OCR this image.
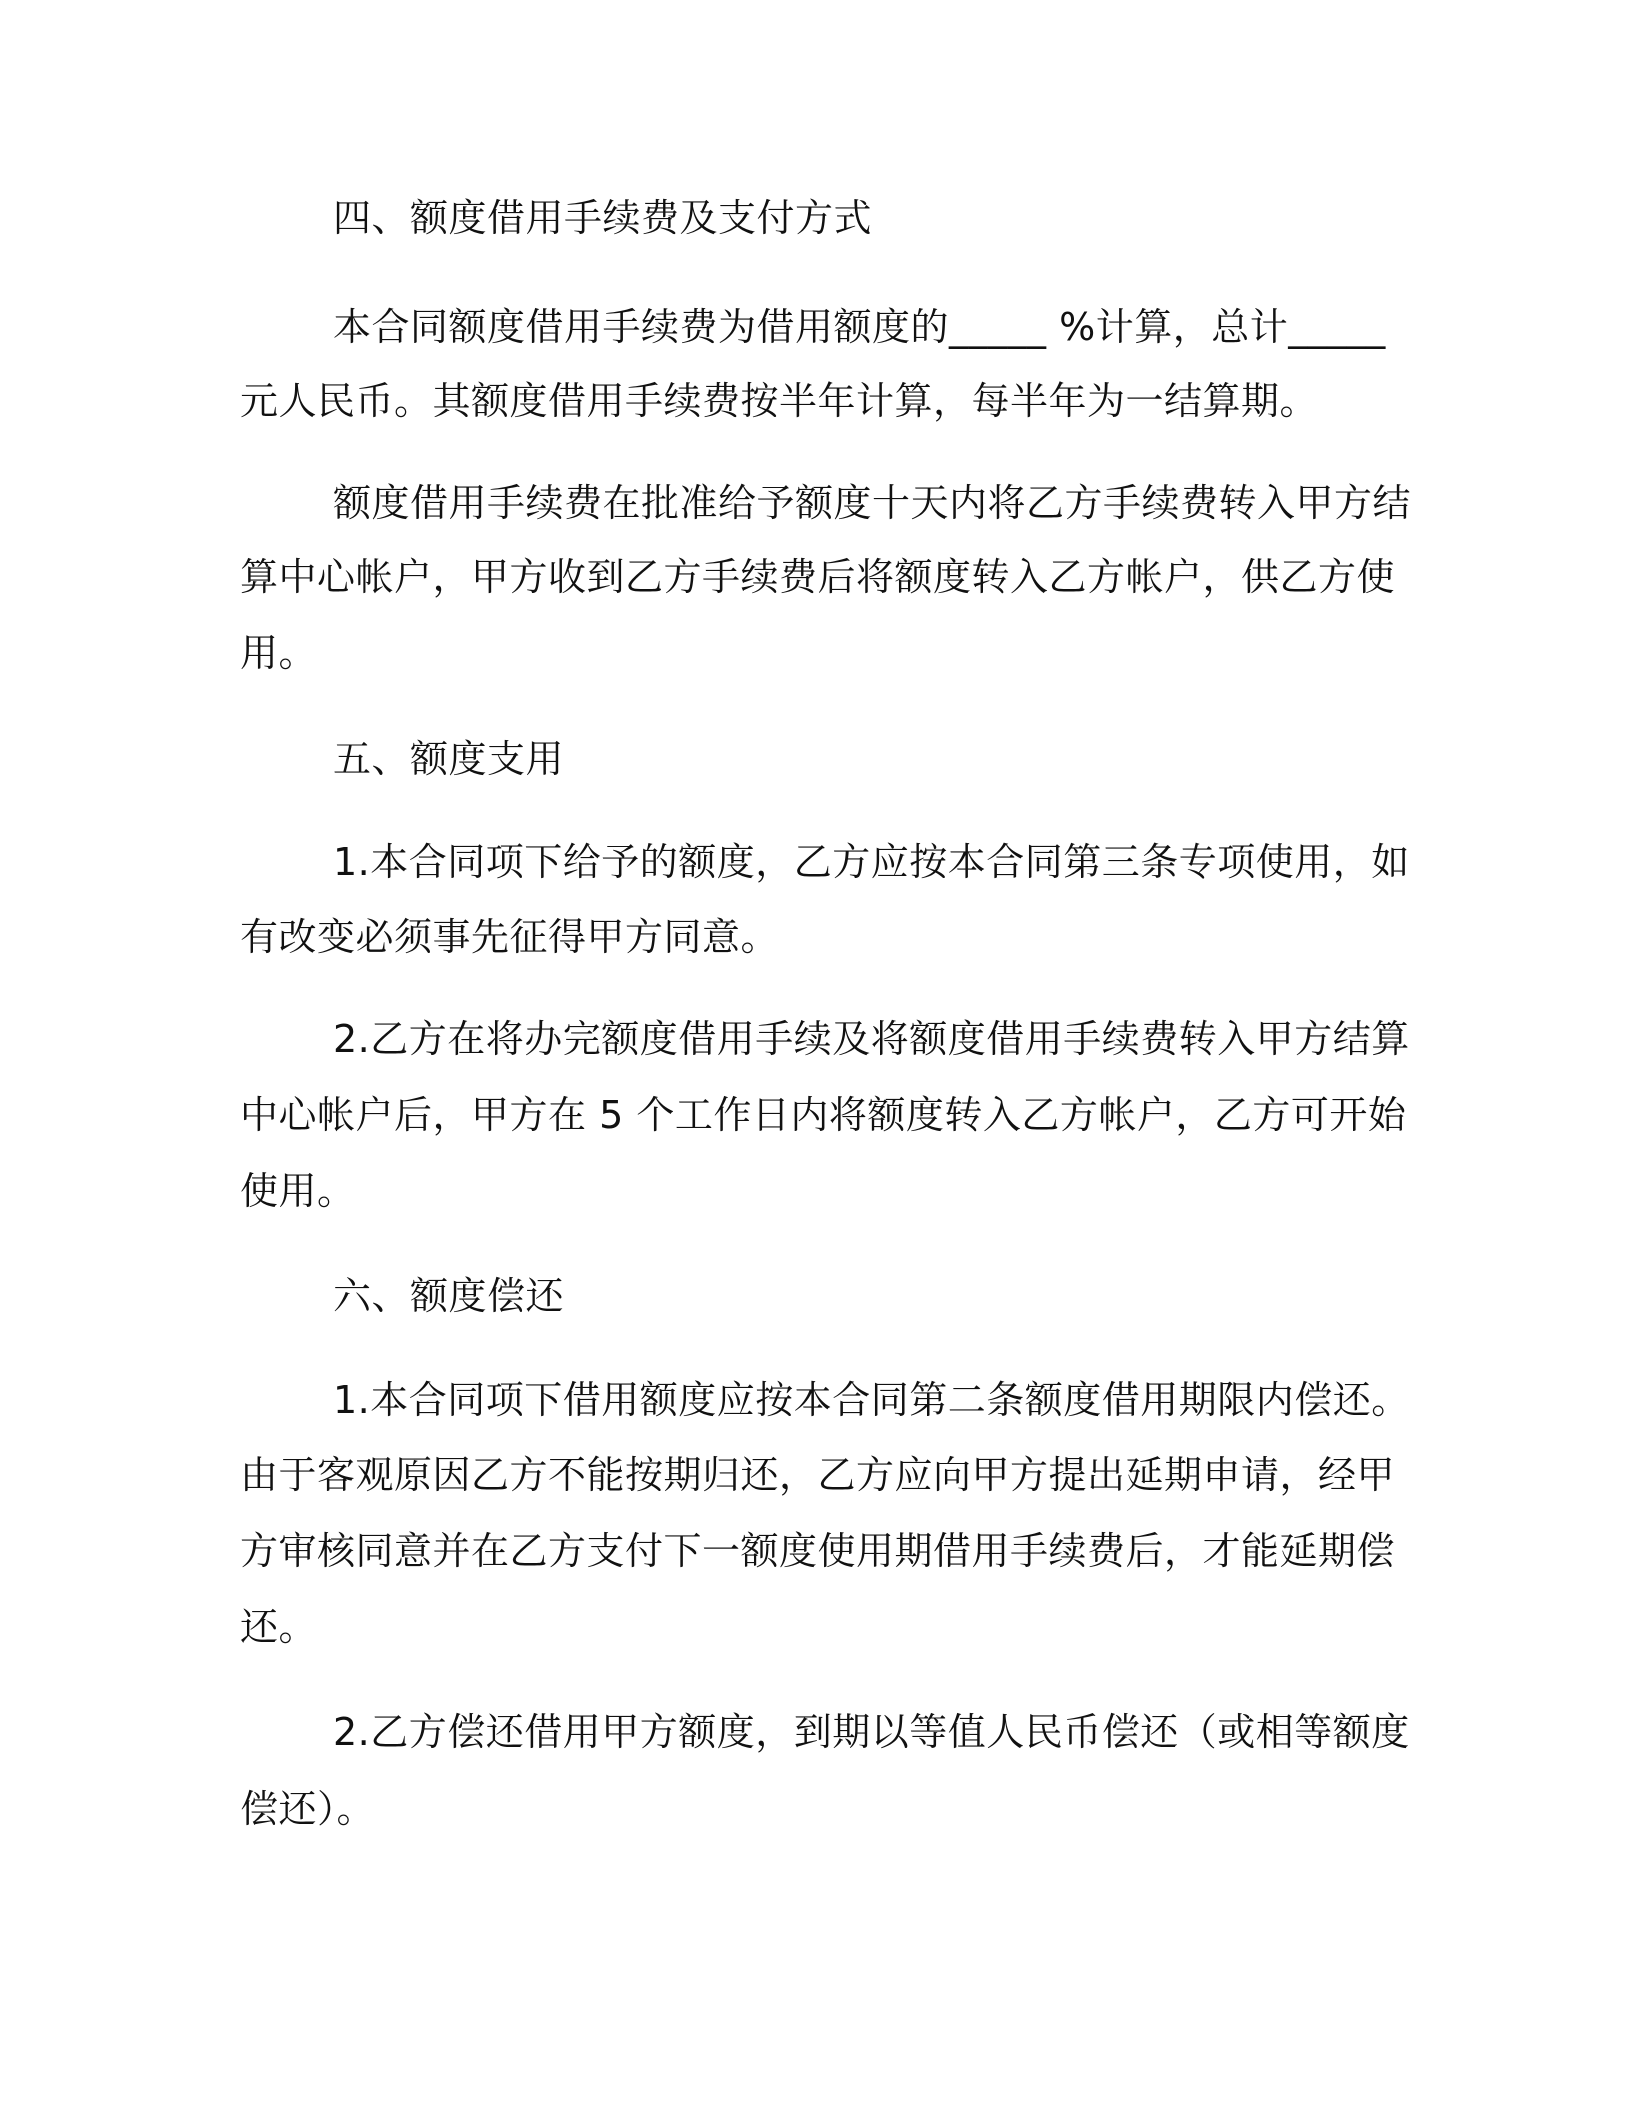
四、额度借用手续费及支付方式
本合同额度借用手续费为借用额度的_____ %计算，总计_____
元人民币。其额度借用手续费按半年计算，每半年为一结算期。
额度借用手续费在批准给予额度十天内将乙方手续费转入甲方结
算中心帐户，甲方收到乙方手续费后将额度转入乙方帐户，供乙方使
用。
五、额度支用
1.本合同项下给予的额度，乙方应按本合同第三条专项使用，如
有改变必须事先征得甲方同意。
2.乙方在将办完额度借用手续及将额度借用手续费转入甲方结算
中心帐户后，甲方在 5 个工作日内将额度转入乙方帐户，乙方可开始
使用。
六、额度偿还
1.本合同项下借用额度应按本合同第二条额度借用期限内偿还。
由于客观原因乙方不能按期归还，乙方应向甲方提出延期申请，经甲
方审核同意并在乙方支付下一额度使用期借用手续费后，才能延期偿
还。
2.乙方偿还借用甲方额度，到期以等值人民币偿还（或相等额度
偿还）。
